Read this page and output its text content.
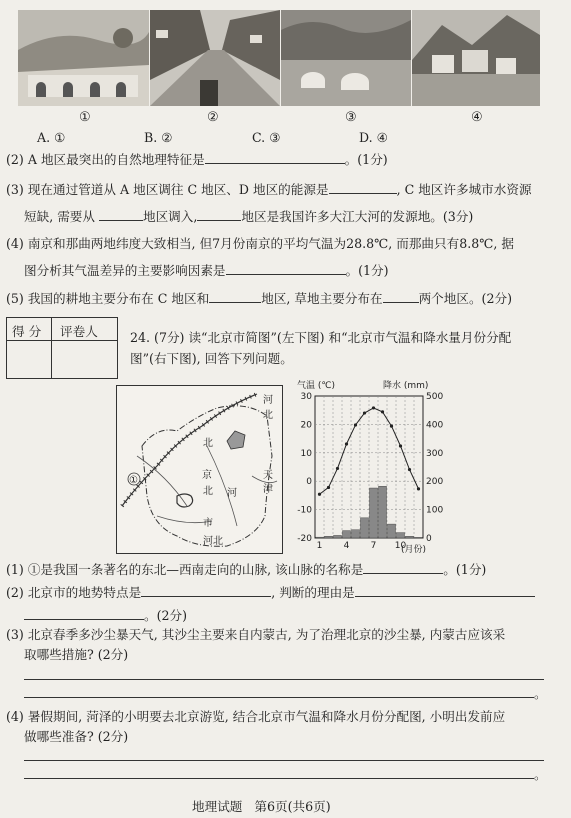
①	②	③	④
A. ①	B. ②	C. ③	D. ④
(2) A 地区最突出的自然地理特征是	。(1分)
(3) 现在通过管道从 A 地区调往 C 地区、D 地区的能源是	, C 地区许多城市水资源
短缺, 需要从	地区调入,	地区是我国许多大江大河的发源地。(3分)
(4) 南京和那曲两地纬度大致相当, 但7月份南京的平均气温为28.8℃, 而那曲只有8.8℃, 据
图分析其气温差异的主要影响因素是	。(1分)
(5) 我国的耕地主要分布在 C 地区和	地区, 草地主要分布在	两个地区。(2分)
得 分 评卷人	24. (7分) 读“北京市简图”(左下图) 和“北京市气温和降水量月份分配
图”(右下图), 回答下列问题。
①
河
北
北
京	天
津
河
北
市
河北
气温 (℃)	降水 (mm)
30
20
10
0
-10
-20
500
400
300
200
100
0
1 4 7 10
(月份)
(1) ①是我国一条著名的东北—西南走向的山脉, 该山脉的名称是	。(1分)
(2) 北京市的地势特点是	, 判断的理由是
。(2分)
(3) 北京春季多沙尘暴天气, 其沙尘主要来自内蒙古, 为了治理北京的沙尘暴, 内蒙古应该采
取哪些措施? (2分)
。
(4) 暑假期间, 菏泽的小明要去北京游览, 结合北京市气温和降水月份分配图, 小明出发前应
做哪些准备? (2分)
。
地理试题   第6页(共6页)
